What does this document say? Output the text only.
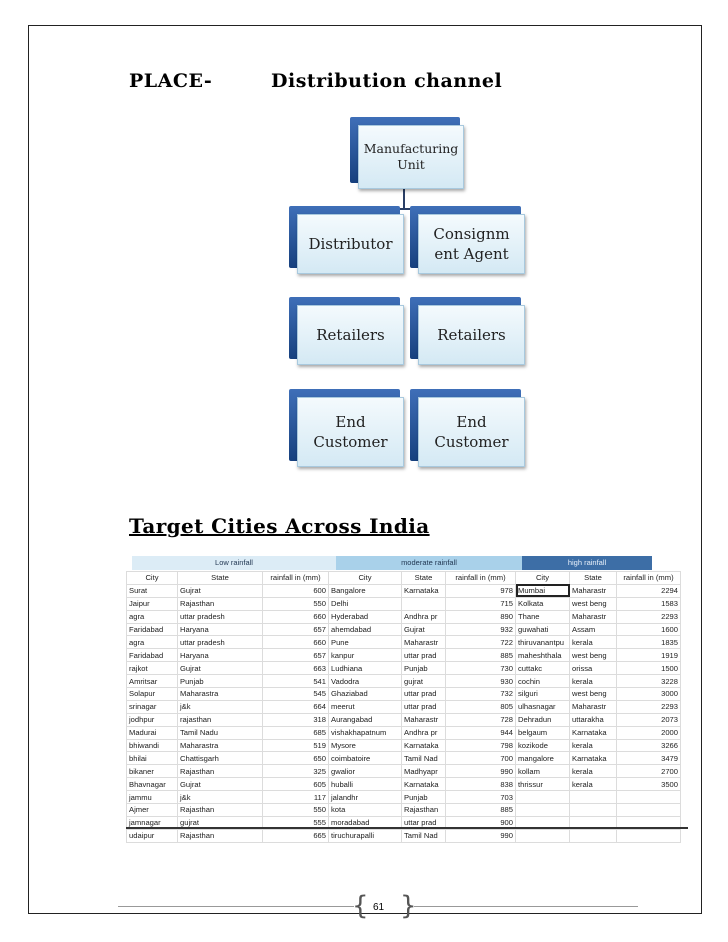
PLACE-	Distribution channel
Manufacturing Unit
Distributor
Consignm ent Agent
Retailers	Retailers
End Customer
End Customer
Target Cities Across India
Low rainfall	moderate rainfall	high rainfall
City	State	rainfall in (mm)	City	State	rainfall in (mm)	City	State	rainfall in (mm)
Surat	Gujrat	600	Bangalore	Karnataka	978	Mumbai	Maharastr	2294
Jaipur	Rajasthan	550	Delhi		715	Kolkata	west beng	1583
agra	uttar pradesh	660	Hyderabad	Andhra pr	890	Thane	Maharastr	2293
Faridabad	Haryana	657	ahemdabad	Gujrat	932	guwahati	Assam	1600
agra	uttar pradesh	660	Pune	Maharastr	722	thiruvanantpu	kerala	1835
Faridabad	Haryana	657	kanpur	uttar prad	885	maheshthala	west beng	1919
rajkot	Gujrat	663	Ludhiana	Punjab	730	cuttakc	orissa	1500
Amritsar	Punjab	541	Vadodra	gujrat	930	cochin	kerala	3228
Solapur	Maharastra	545	Ghaziabad	uttar prad	732	silguri	west beng	3000
srinagar	j&k	664	meerut	uttar prad	805	ulhasnagar	Maharastr	2293
jodhpur	rajasthan	318	Aurangabad	Maharastr	728	Dehradun	uttarakha	2073
Madurai	Tamil Nadu	685	vishakhapatnum	Andhra pr	944	belgaum	Karnataka	2000
bhiwandi	Maharastra	519	Mysore	Karnataka	798	kozikode	kerala	3266
bhilai	Chattisgarh	650	coimbatoire	Tamil Nad	700	mangalore	Karnataka	3479
bikaner	Rajasthan	325	gwalior	Madhyapr	990	kollam	kerala	2700
Bhavnagar	Gujrat	605	huballi	Karnataka	838	thrissur	kerala	3500
jammu	j&k	117	jalandhr	Punjab	703			
Ajmer	Rajasthan	550	kota	Rajasthan	885			
jamnagar	gujrat	555	moradabad	uttar prad	900			
udaipur	Rajasthan	665	tiruchurapalli	Tamil Nad	990			
{ }
61
